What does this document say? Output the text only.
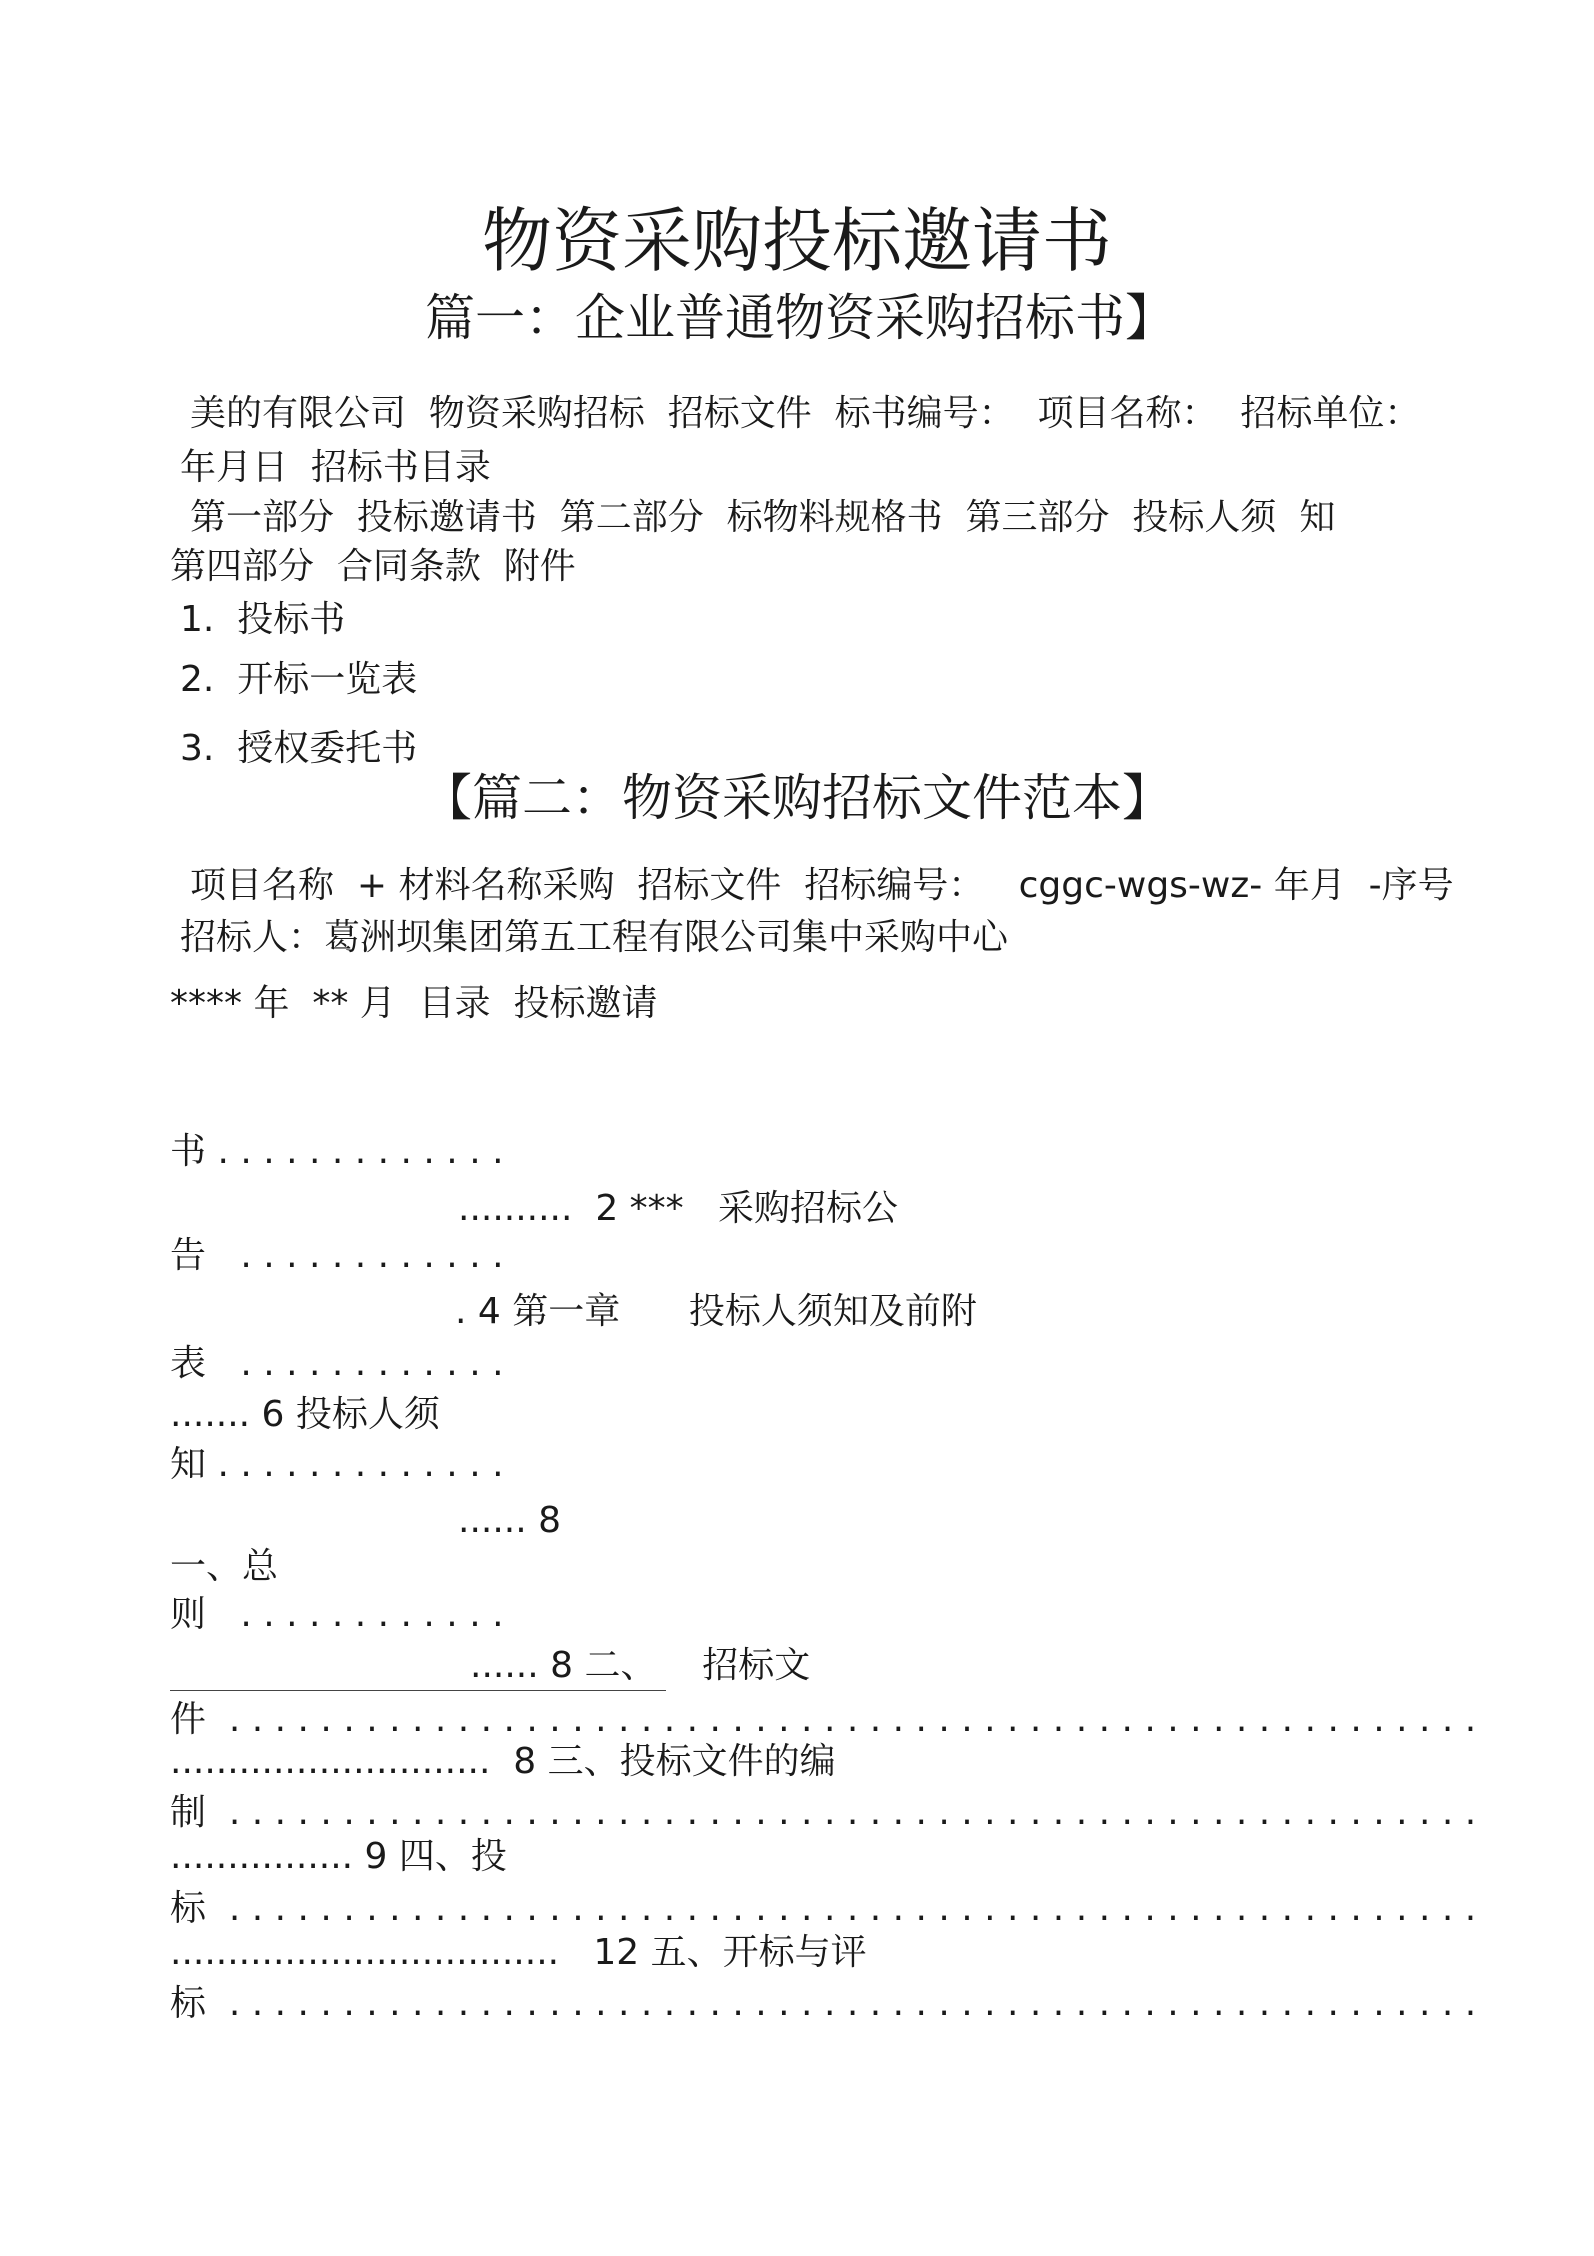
物资采购投标邀请书
篇一：企业普通物资采购招标书】
美的有限公司  物资采购招标  招标文件  标书编号：  项目名称：  招标单位：
年月日  招标书目录
第一部分  投标邀请书  第二部分  标物料规格书  第三部分  投标人须  知
第四部分  合同条款  附件
1.  投标书
2.  开标一览表
3.  授权委托书
【篇二：物资采购招标文件范本】
项目名称  + 材料名称采购  招标文件  招标编号：   cggc-wgs-wz- 年月  -序号
招标人：葛洲坝集团第五工程有限公司集中采购中心
**** 年  ** 月  目录  投标邀请
书 . . . . . . . . . . . . .
..........  2 ***   采购招标公
告   . . . . . . . . . . . .
. 4 第一章      投标人须知及前附
表   . . . . . . . . . . . .
....... 6 投标人须
知 . . . . . . . . . . . . .
...... 8
一、总
则   . . . . . . . . . . . .
...... 8 二、    招标文
件  . . . . . . . . . . . . . . . . . . . . . . . . . . . . . . . . . . . . . . . . . . . . . . . . . . . . . . .
............................  8 三、投标文件的编
制  . . . . . . . . . . . . . . . . . . . . . . . . . . . . . . . . . . . . . . . . . . . . . . . . . . . . . . .
................ 9 四、投
标  . . . . . . . . . . . . . . . . . . . . . . . . . . . . . . . . . . . . . . . . . . . . . . . . . . . . . . .
..................................   12 五、开标与评
标  . . . . . . . . . . . . . . . . . . . . . . . . . . . . . . . . . . . . . . . . . . . . . . . . . . . . . . .
